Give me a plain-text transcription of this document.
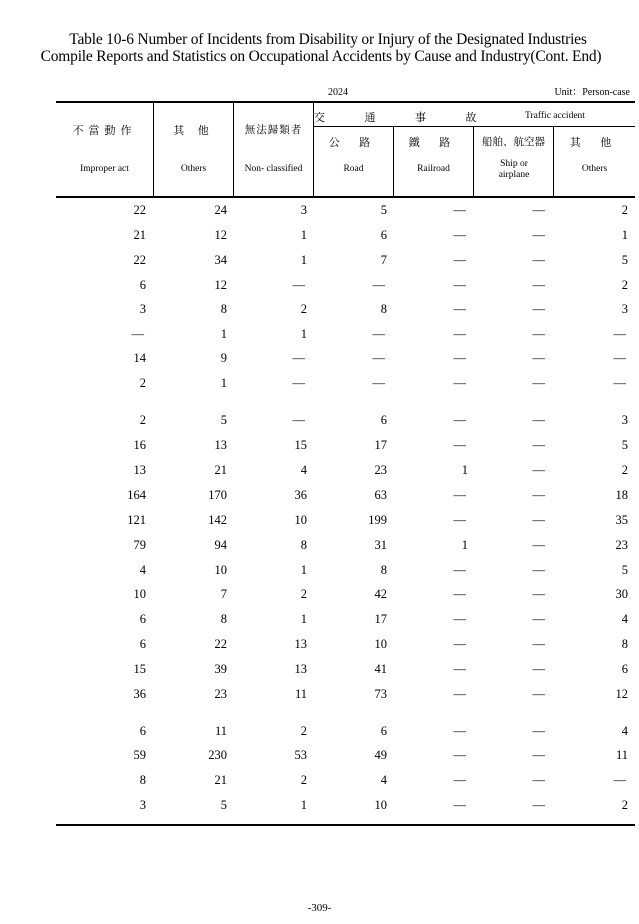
Table 10-6 Number of Incidents from Disability or Injury of the Designated Industries
Compile Reports and Statistics on Occupational Accidents by Cause and Industry(Cont. End)
2024	Unit：Person-case
不當動作
Improper act
其 他
Others
無法歸類者
Non- classified
交 通 事 故	Traffic accident
公 路
Road
鐵 路
Railroad
船舶、航空器
Ship or airplane
其 他
Others
22	24	3	5	—	—	2
21	12	1	6	—	—	1
22	34	1	7	—	—	5
6	12	—	—	—	—	2
3	8	2	8	—	—	3
—	1	1	—	—	—	—
14	9	—	—	—	—	—
2	1	—	—	—	—	—
2	5	—	6	—	—	3
16	13	15	17	—	—	5
13	21	4	23	1	—	2
164	170	36	63	—	—	18
121	142	10	199	—	—	35
79	94	8	31	1	—	23
4	10	1	8	—	—	5
10	7	2	42	—	—	30
6	8	1	17	—	—	4
6	22	13	10	—	—	8
15	39	13	41	—	—	6
36	23	11	73	—	—	12
6	11	2	6	—	—	4
59	230	53	49	—	—	11
8	21	2	4	—	—	—
3	5	1	10	—	—	2
-309-
